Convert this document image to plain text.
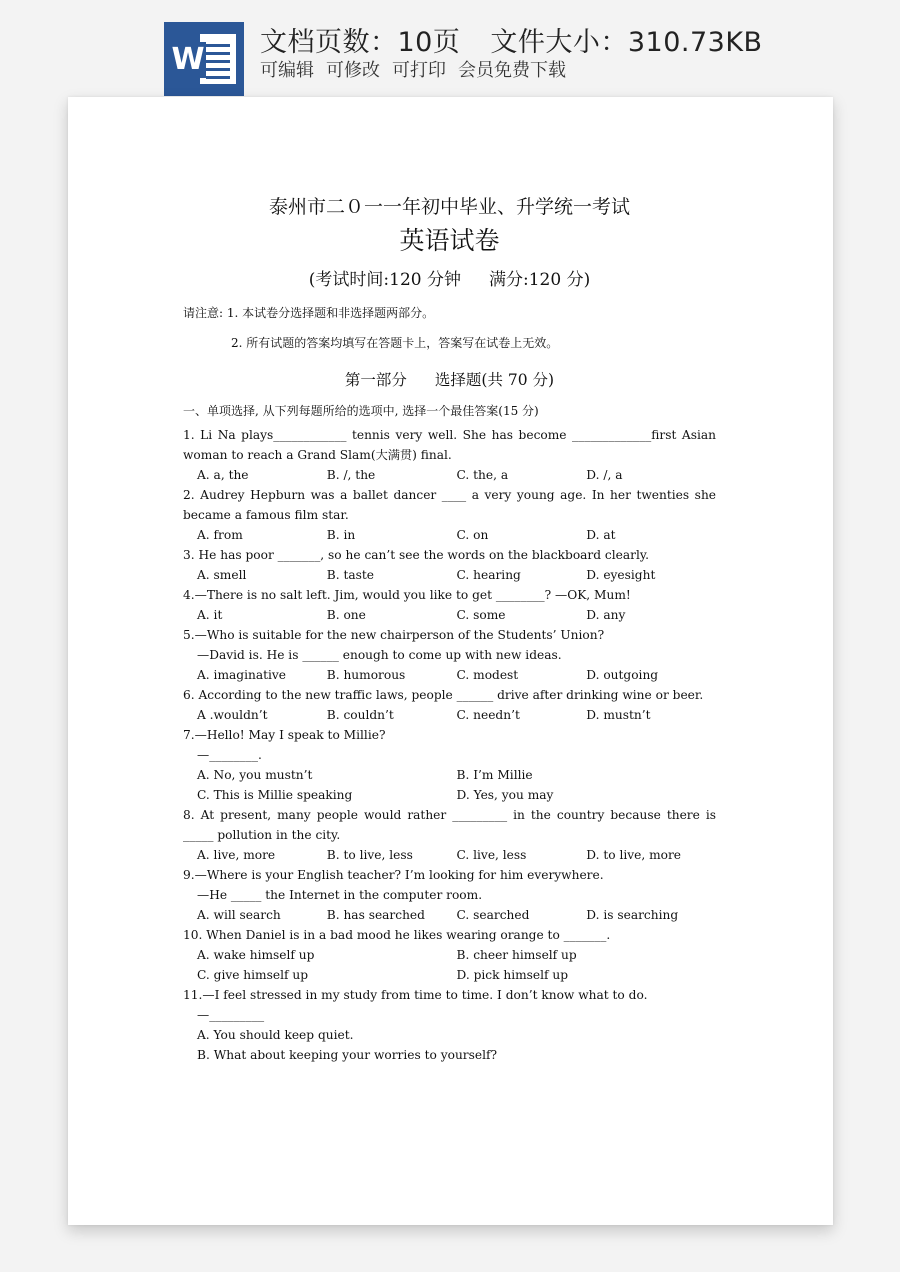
W 文档页数：10页 文件大小：310.73KB
可编辑 可修改 可打印 会员免费下载
泰州市二０一一年初中毕业、升学统一考试
英语试卷
(考试时间:120 分钟 满分:120 分)
请注意: 1. 本试卷分选择题和非选择题两部分。
2. 所有试题的答案均填写在答题卡上，答案写在试卷上无效。
第一部分 选择题(共 70 分)
一、单项选择, 从下列每题所给的选项中, 选择一个最佳答案(15 分)
1. Li Na plays____________ tennis very well. She has become _____________first Asian woman to reach a Grand Slam(大满贯) final.
A. a, the	B. /, the	C. the, a	D. /, a
2. Audrey Hepburn was a ballet dancer ____ a very young age. In her twenties she became a famous film star.
A. from	B. in	C. on	D. at
3. He has poor _______, so he can’t see the words on the blackboard clearly.
A. smell	B. taste	C. hearing	D. eyesight
4.—There is no salt left. Jim, would you like to get ________? —OK, Mum!
A. it	B. one	C. some	D. any
5.—Who is suitable for the new chairperson of the Students’ Union?
—David is. He is ______ enough to come up with new ideas.
A. imaginative	B. humorous	C. modest	D. outgoing
6. According to the new traffic laws, people ______ drive after drinking wine or beer.
A .wouldn’t	B. couldn’t	C. needn’t	D. mustn’t
7.—Hello! May I speak to Millie?
—________.
A. No, you mustn’t	B. I’m Millie
C. This is Millie speaking	D. Yes, you may
8. At present, many people would rather _________ in the country because there is _____ pollution in the city.
A. live, more	B. to live, less	C. live, less	D. to live, more
9.—Where is your English teacher? I’m looking for him everywhere.
—He _____ the Internet in the computer room.
A. will search	B. has searched	C. searched	D. is searching
10. When Daniel is in a bad mood he likes wearing orange to _______.
A. wake himself up	B. cheer himself up
C. give himself up	D. pick himself up
11.—I feel stressed in my study from time to time. I don’t know what to do.
—_________
A. You should keep quiet.
B. What about keeping your worries to yourself?
